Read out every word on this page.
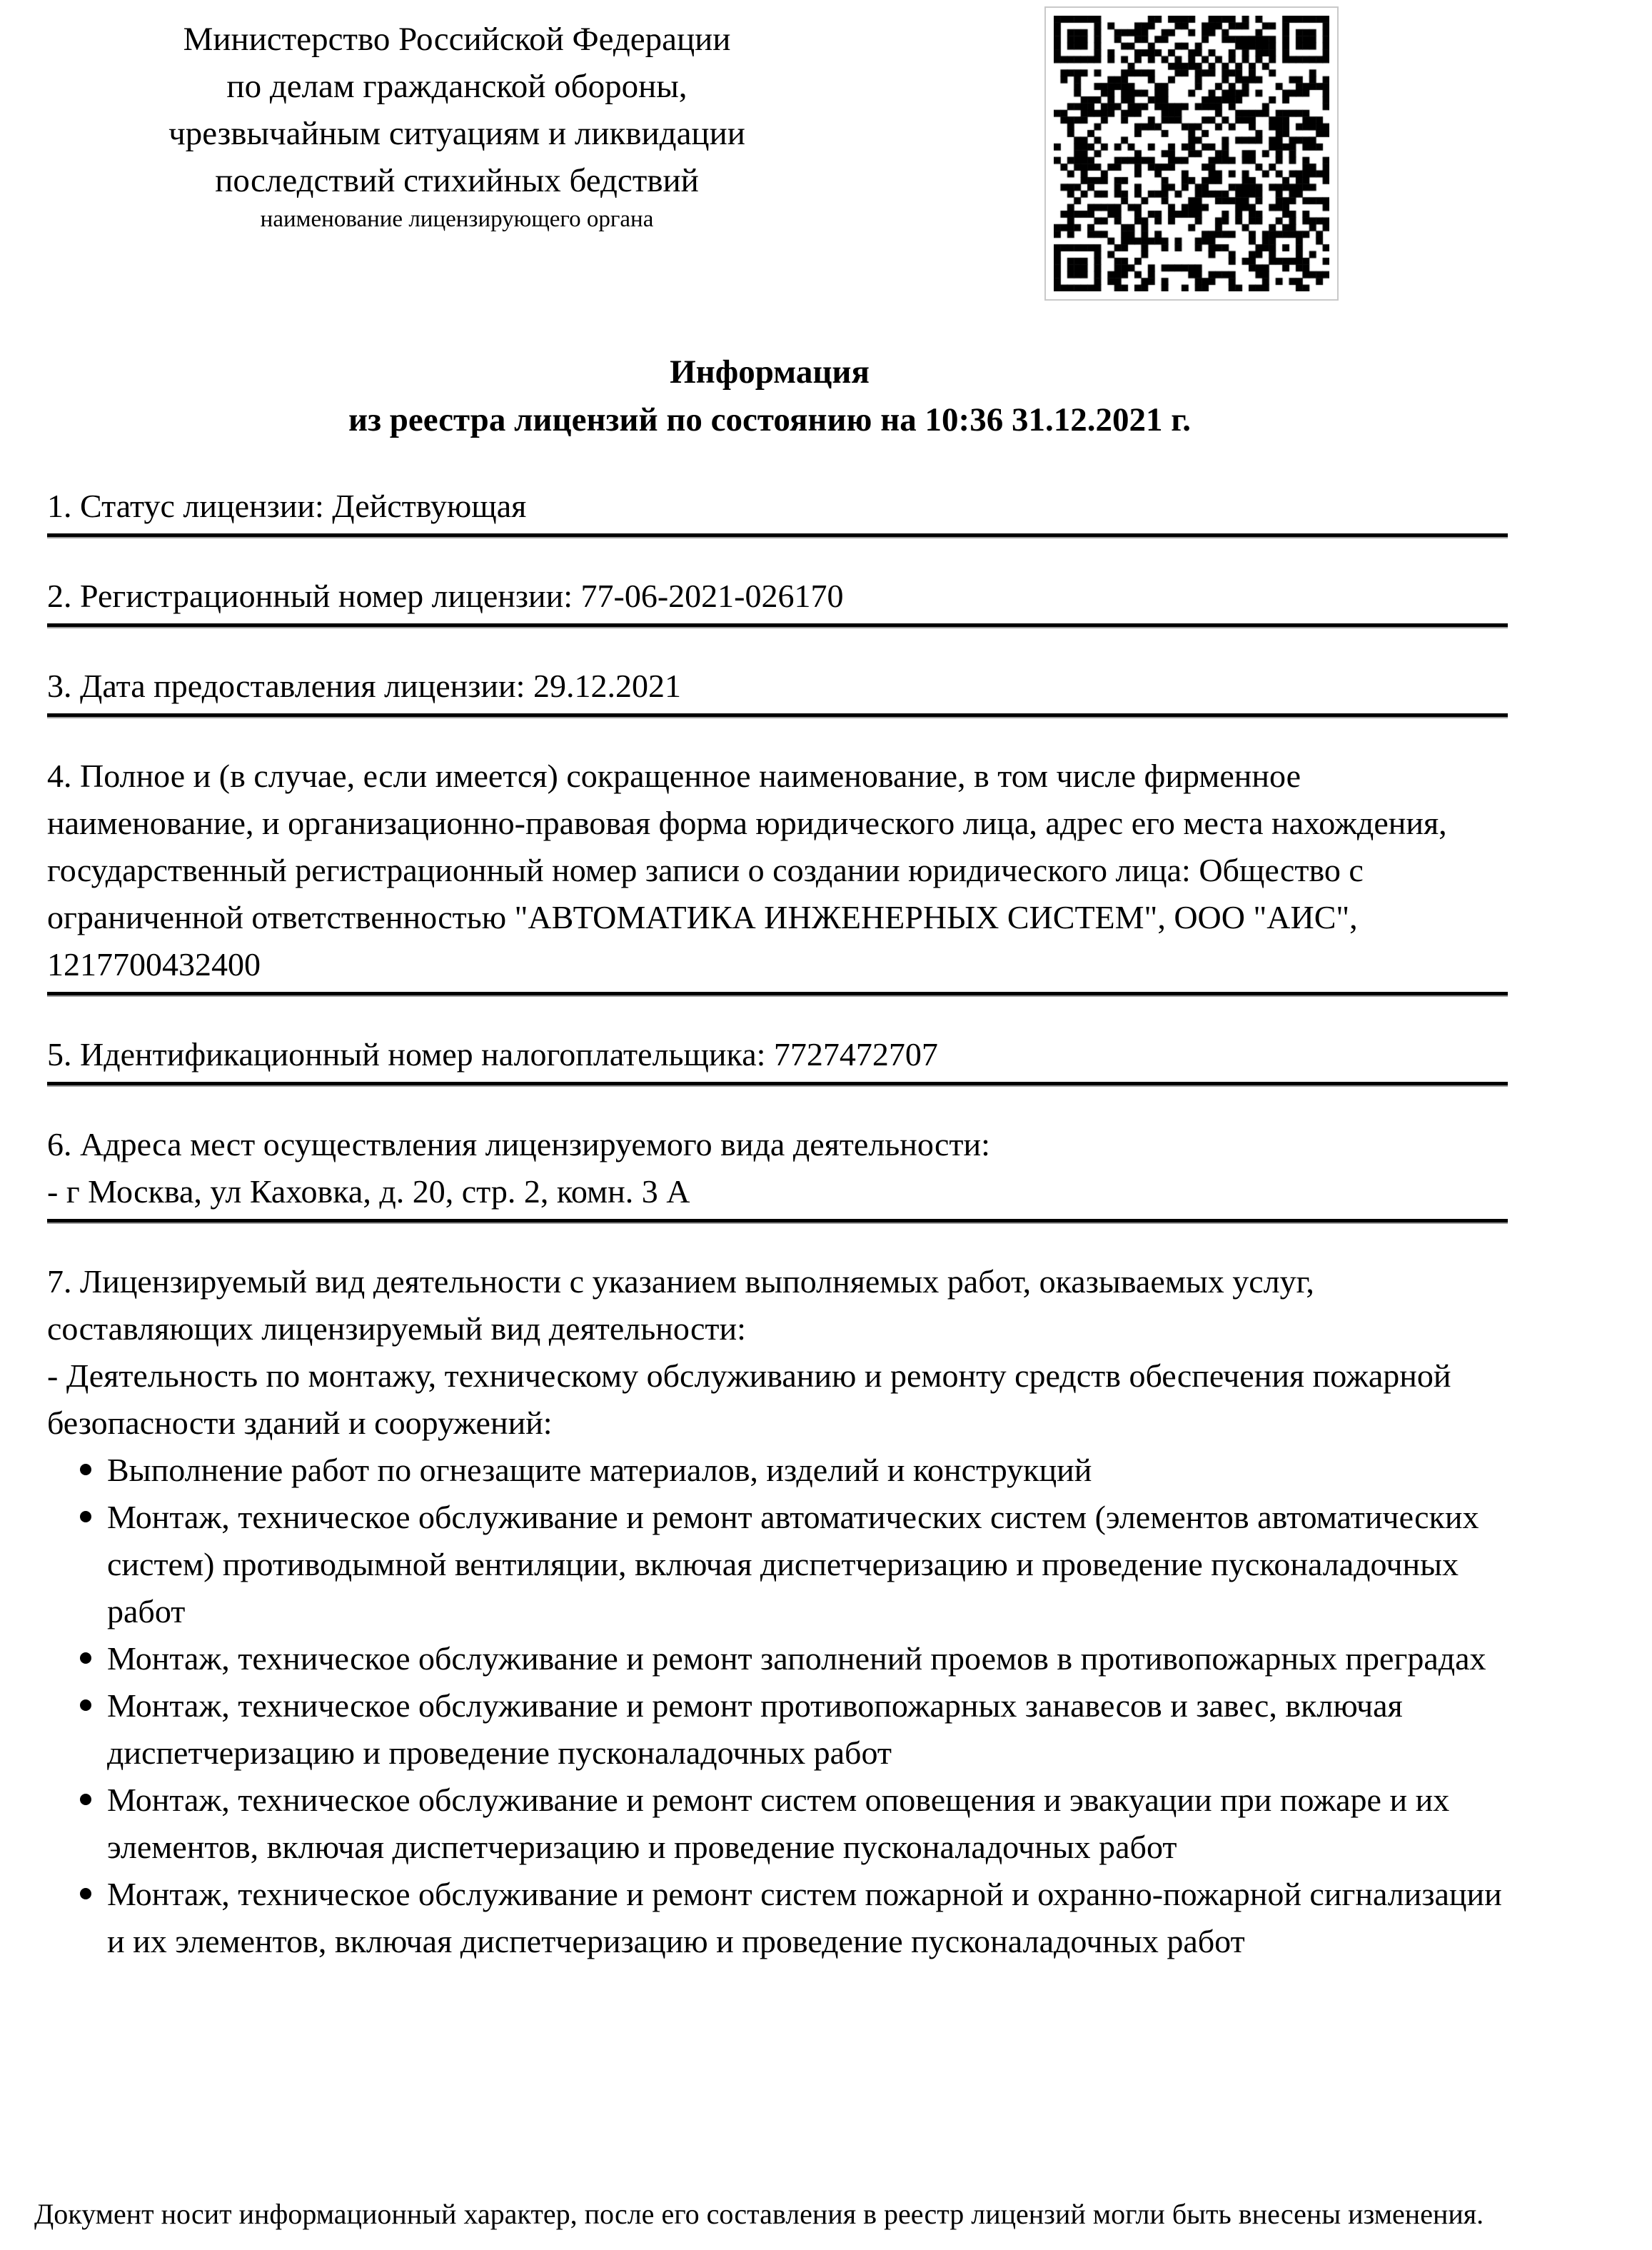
Министерство Российской Федерации
по делам гражданской обороны,
чрезвычайным ситуациям и ликвидации
последствий стихийных бедствий
наименование лицензирующего органа
Информация
из реестра лицензий по состоянию на 10:36 31.12.2021 г.

1. Статус лицензии: Действующая

2. Регистрационный номер лицензии: 77-06-2021-026170

3. Дата предоставления лицензии: 29.12.2021

4. Полное и (в случае, если имеется) сокращенное наименование, в том числе фирменное наименование, и организационно-правовая форма юридического лица, адрес его места нахождения, государственный регистрационный номер записи о создании юридического лица: Общество с ограниченной ответственностью "АВТОМАТИКА ИНЖЕНЕРНЫХ СИСТЕМ", ООО "АИС", 1217700432400

5. Идентификационный номер налогоплательщика: 7727472707

6. Адреса мест осуществления лицензируемого вида деятельности:

- г Москва, ул Каховка, д. 20, стр. 2, комн. 3 А

7. Лицензируемый вид деятельности с указанием выполняемых работ, оказываемых услуг, составляющих лицензируемый вид деятельности:

- Деятельность по монтажу, техническому обслуживанию и ремонту средств обеспечения пожарной безопасности зданий и сооружений:

Выполнение работ по огнезащите материалов, изделий и конструкций
Монтаж, техническое обслуживание и ремонт автоматических систем (элементов автоматических систем) противодымной вентиляции, включая диспетчеризацию и проведение пусконаладочных работ
Монтаж, техническое обслуживание и ремонт заполнений проемов в противопожарных преградах
Монтаж, техническое обслуживание и ремонт противопожарных занавесов и завес, включая диспетчеризацию и проведение пусконаладочных работ
Монтаж, техническое обслуживание и ремонт систем оповещения и эвакуации при пожаре и их элементов, включая диспетчеризацию и проведение пусконаладочных работ
Монтаж, техническое обслуживание и ремонт систем пожарной и охранно-пожарной сигнализации и их элементов, включая диспетчеризацию и проведение пусконаладочных работ
Документ носит информационный характер, после его составления в реестр лицензий могли быть внесены изменения.
